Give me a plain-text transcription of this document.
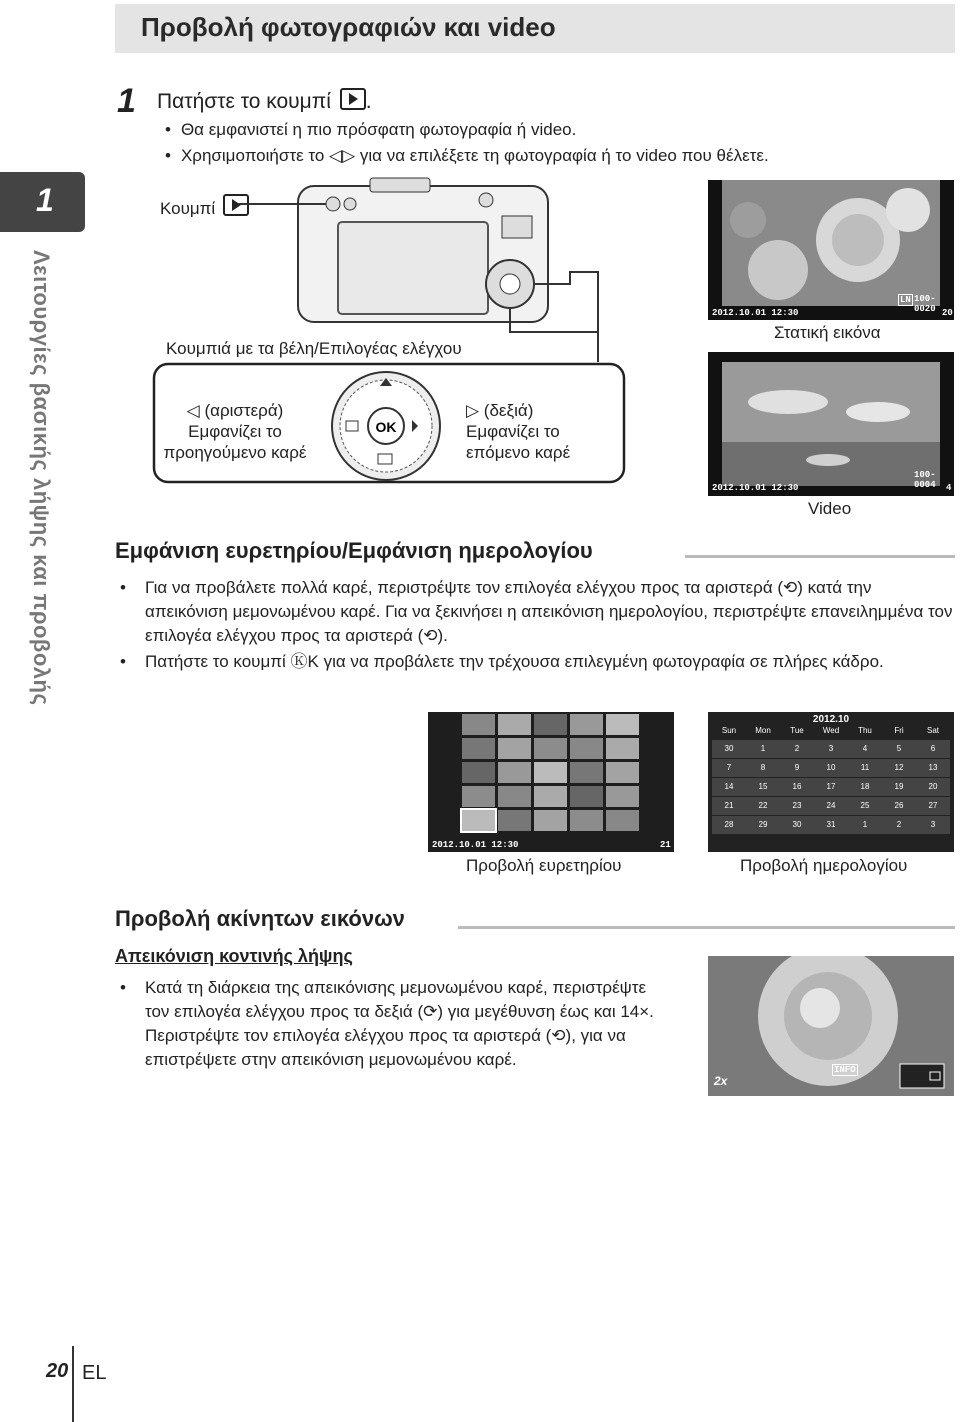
Προβολή φωτογραφιών και video
1
Λειτουργίες βασικής λήψης και προβολής
1 Πατήστε το κουμπί .
• Θα εμφανιστεί η πιο πρόσφατη φωτογραφία ή video.
• Χρησιμοποιήστε το ◁▷ για να επιλέξετε τη φωτογραφία ή το video που θέλετε.
Κουμπί
OK
Κουμπιά με τα βέλη/Επιλογέας ελέγχου
◁ (αριστερά)
Εμφανίζει το
προηγούμενο καρέ
▷ (δεξιά)
Εμφανίζει το
επόμενο καρέ
2012.10.01 12:30
100-0020
LN
20
Στατική εικόνα
2012.10.01 12:30
100-0004	4
Video
Εμφάνιση ευρετηρίου/Εμφάνιση ημερολογίου
• Για να προβάλετε πολλά καρέ, περιστρέψτε τον επιλογέα ελέγχου προς τα αριστερά (⟲) κατά την απεικόνιση μεμονωμένου καρέ. Για να ξεκινήσει η απεικόνιση ημερολογίου, περιστρέψτε επανειλημμένα τον επιλογέα ελέγχου προς τα αριστερά (⟲).
• Πατήστε το κουμπί ⓀK για να προβάλετε την τρέχουσα επιλεγμένη φωτογραφία σε πλήρες κάδρο.
2012.10.01 12:30	21
Προβολή ευρετηρίου
2012.10
Sun	Mon	Tue	Wed	Thu	Fri	Sat
30	1	2	3	4	5	6
7	8	9	10	11	12	13
14	15	16	17	18	19	20
21	22	23	24	25	26	27
28	29	30	31	1	2	3
Προβολή ημερολογίου
Προβολή ακίνητων εικόνων
Απεικόνιση κοντινής λήψης
• Κατά τη διάρκεια της απεικόνισης μεμονωμένου καρέ, περιστρέψτε τον επιλογέα ελέγχου προς τα δεξιά (⟳) για μεγέθυνση έως και 14×. Περιστρέψτε τον επιλογέα ελέγχου προς τα αριστερά (⟲), για να επιστρέψετε στην απεικόνιση μεμονωμένου καρέ.
2x
INFO
20 EL
